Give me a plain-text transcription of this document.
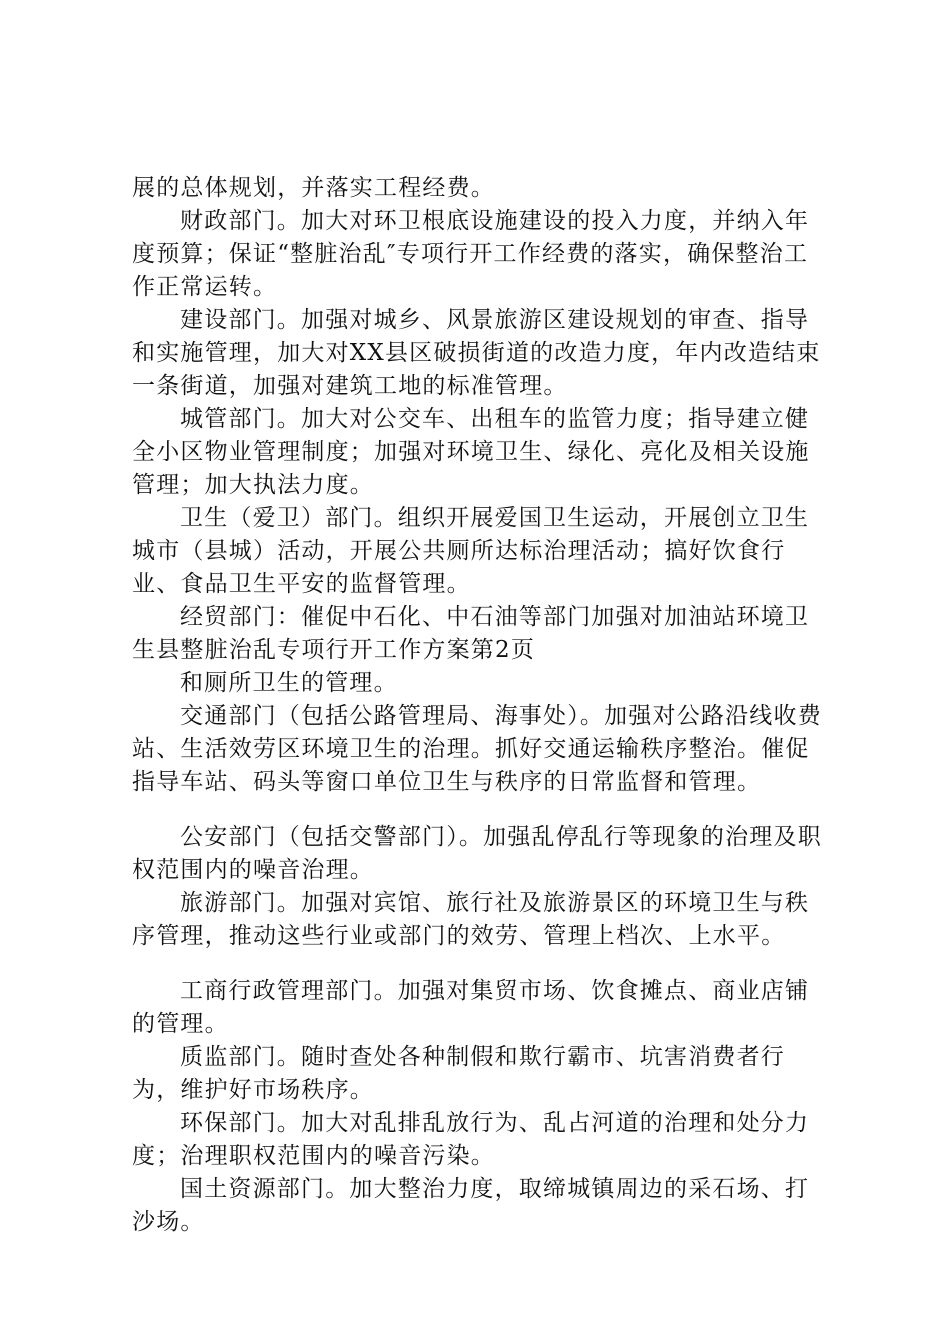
展的总体规划，并落实工程经费。

财政部门。加大对环卫根底设施建设的投入力度，并纳入年度预算；保证“整脏治乱″专项行开工作经费的落实，确保整治工作正常运转。

建设部门。加强对城乡、风景旅游区建设规划的审查、指导和实施管理，加大对XX县区破损街道的改造力度，年内改造结束一条街道，加强对建筑工地的标准管理。

城管部门。加大对公交车、出租车的监管力度；指导建立健全小区物业管理制度；加强对环境卫生、绿化、亮化及相关设施管理；加大执法力度。

卫生（爱卫）部门。组织开展爱国卫生运动，开展创立卫生城市（县城）活动，开展公共厕所达标治理活动；搞好饮食行业、食品卫生平安的监督管理。

经贸部门：催促中石化、中石油等部门加强对加油站环境卫生县整脏治乱专项行开工作方案第2页

和厕所卫生的管理。

交通部门（包括公路管理局、海事处）。加强对公路沿线收费站、生活效劳区环境卫生的治理。抓好交通运输秩序整治。催促指导车站、码头等窗口单位卫生与秩序的日常监督和管理。

公安部门（包括交警部门）。加强乱停乱行等现象的治理及职权范围内的噪音治理。

旅游部门。加强对宾馆、旅行社及旅游景区的环境卫生与秩序管理，推动这些行业或部门的效劳、管理上档次、上水平。

工商行政管理部门。加强对集贸市场、饮食摊点、商业店铺的管理。

质监部门。随时查处各种制假和欺行霸市、坑害消费者行为，维护好市场秩序。

环保部门。加大对乱排乱放行为、乱占河道的治理和处分力度；治理职权范围内的噪音污染。

国土资源部门。加大整治力度，取缔城镇周边的采石场、打沙场。
